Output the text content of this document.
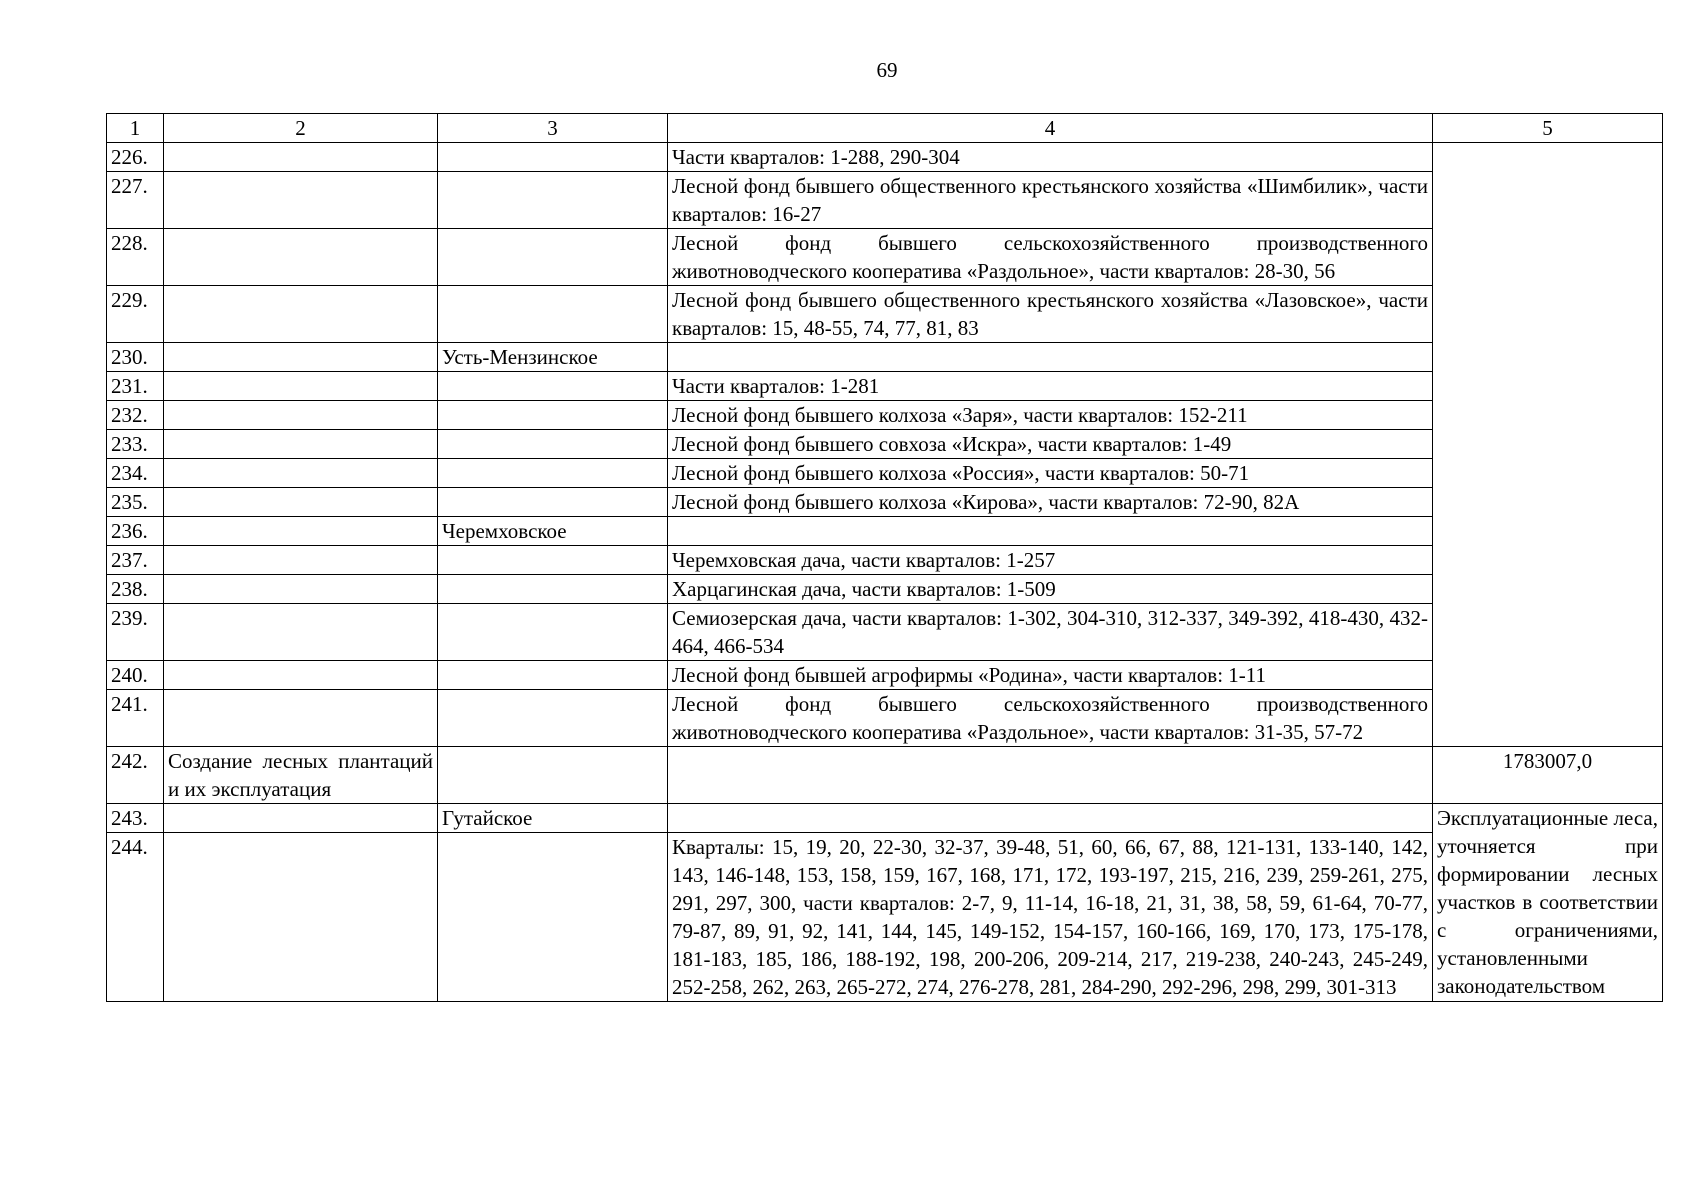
69
1	2	3	4	5
226.			Части кварталов: 1-288, 290-304	
227.			Лесной фонд бывшего общественного крестьянского хозяйства «Шимбилик», части кварталов: 16-27	
228.			Лесной фонд бывшего сельскохозяйственного производственного животноводческого кооператива «Раздольное», части кварталов: 28-30, 56	
229.			Лесной фонд бывшего общественного крестьянского хозяйства «Лазовское», части кварталов: 15, 48-55, 74, 77, 81, 83	
230.		Усть-Мензинское		
231.			Части кварталов: 1-281	
232.			Лесной фонд бывшего колхоза «Заря», части кварталов: 152-211	
233.			Лесной фонд бывшего совхоза «Искра», части кварталов: 1-49	
234.			Лесной фонд бывшего колхоза «Россия», части кварталов: 50-71	
235.			Лесной фонд бывшего колхоза «Кирова», части кварталов: 72-90, 82А	
236.		Черемховское		
237.			Черемховская дача, части кварталов: 1-257	
238.			Харцагинская дача, части кварталов: 1-509	
239.			Семиозерская дача, части кварталов: 1-302, 304-310, 312-337, 349-392, 418-430, 432-464, 466-534	
240.			Лесной фонд бывшей агрофирмы «Родина», части кварталов: 1-11	
241.			Лесной фонд бывшего сельскохозяйственного производственного животноводческого кооператива «Раздольное», части кварталов: 31-35, 57-72	
242.	Создание лесных плантаций и их эксплуатация			1783007,0
243.		Гутайское		Эксплуатационные леса, уточняется при формировании лесных участков в соответствии с ограничениями, установленными законодательством
244.			Кварталы: 15, 19, 20, 22-30, 32-37, 39-48, 51, 60, 66, 67, 88, 121-131, 133-140, 142, 143, 146-148, 153, 158, 159, 167, 168, 171, 172, 193-197, 215, 216, 239, 259-261, 275, 291, 297, 300, части кварталов: 2-7, 9, 11-14, 16-18, 21, 31, 38, 58, 59, 61-64, 70-77, 79-87, 89, 91, 92, 141, 144, 145, 149-152, 154-157, 160-166, 169, 170, 173, 175-178, 181-183, 185, 186, 188-192, 198, 200-206, 209-214, 217, 219-238, 240-243, 245-249, 252-258, 262, 263, 265-272, 274, 276-278, 281, 284-290, 292-296, 298, 299, 301-313	
